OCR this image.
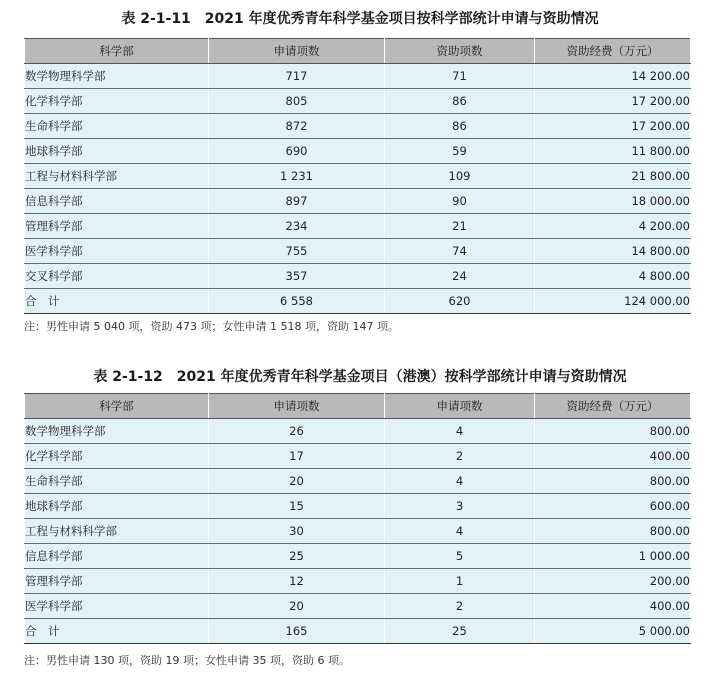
表 2-1-11　2021 年度优秀青年科学基金项目按科学部统计申请与资助情况
科学部	申请项数	资助项数	资助经费（万元）
数学物理科学部	717	71	14 200.00
化学科学部	805	86	17 200.00
生命科学部	872	86	17 200.00
地球科学部	690	59	11 800.00
工程与材料科学部	1 231	109	21 800.00
信息科学部	897	90	18 000.00
管理科学部	234	21	4 200.00
医学科学部	755	74	14 800.00
交叉科学部	357	24	4 800.00
合　计	6 558	620	124 000.00
注：男性申请 5 040 项，资助 473 项；女性申请 1 518 项，资助 147 项。
表 2-1-12　2021 年度优秀青年科学基金项目（港澳）按科学部统计申请与资助情况
科学部	申请项数	申请项数	资助经费（万元）
数学物理科学部	26	4	800.00
化学科学部	17	2	400.00
生命科学部	20	4	800.00
地球科学部	15	3	600.00
工程与材料科学部	30	4	800.00
信息科学部	25	5	1 000.00
管理科学部	12	1	200.00
医学科学部	20	2	400.00
合　计	165	25	5 000.00
注：男性申请 130 项，资助 19 项；女性申请 35 项，资助 6 项。
